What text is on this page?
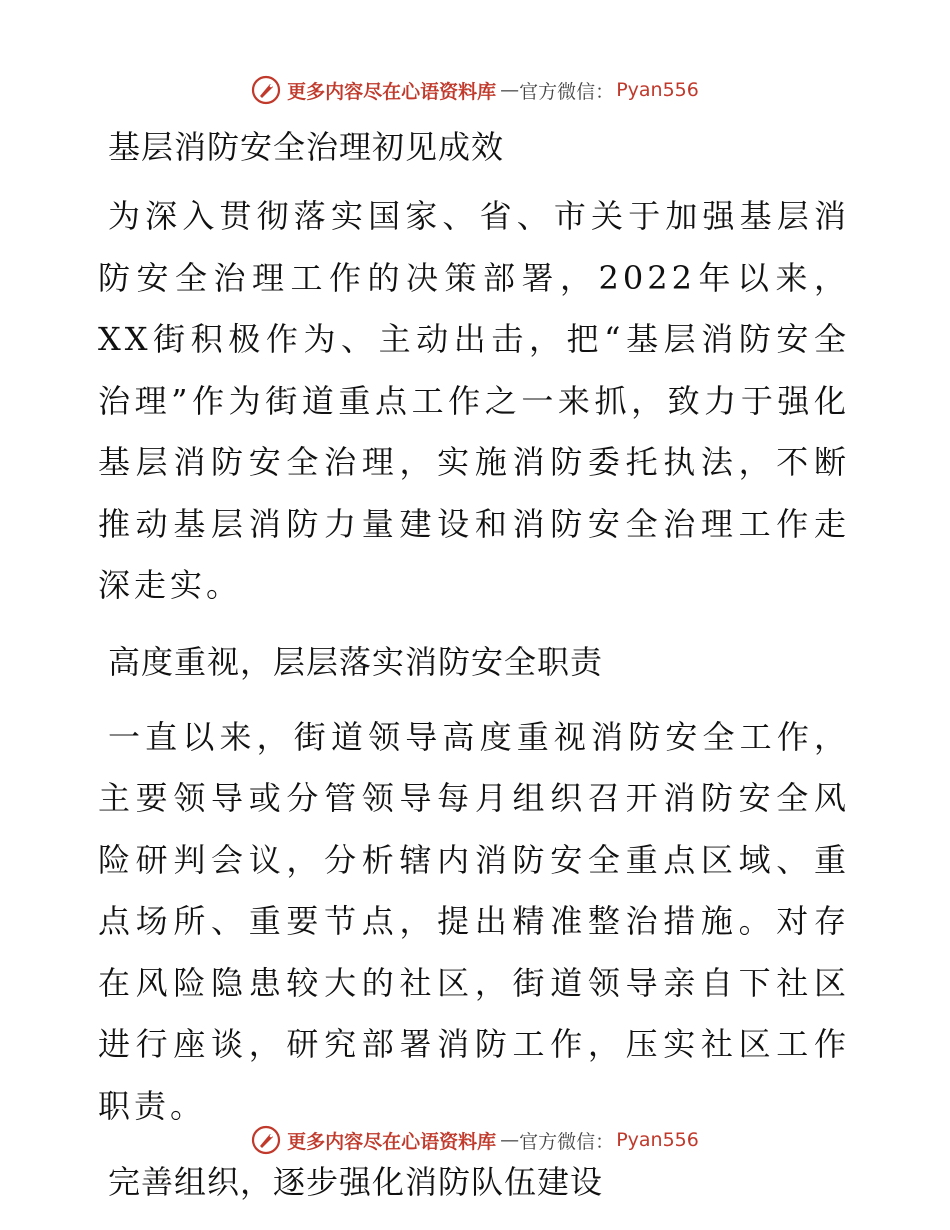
更多内容尽在心语资料库 — 官方微信： Pyan556
基层消防安全治理初见成效

为深入贯彻落实国家、省、市关于加强基层消防安全治理工作的决策部署，2022年以来，XX街积极作为、主动出击，把“基层消防安全治理”作为街道重点工作之一来抓，致力于强化基层消防安全治理，实施消防委托执法，不断推动基层消防力量建设和消防安全治理工作走深走实。

高度重视，层层落实消防安全职责

一直以来，街道领导高度重视消防安全工作，主要领导或分管领导每月组织召开消防安全风险研判会议，分析辖内消防安全重点区域、重点场所、重要节点，提出精准整治措施。对存在风险隐患较大的社区，街道领导亲自下社区进行座谈，研究部署消防工作，压实社区工作职责。

完善组织，逐步强化消防队伍建设
更多内容尽在心语资料库 — 官方微信： Pyan556
